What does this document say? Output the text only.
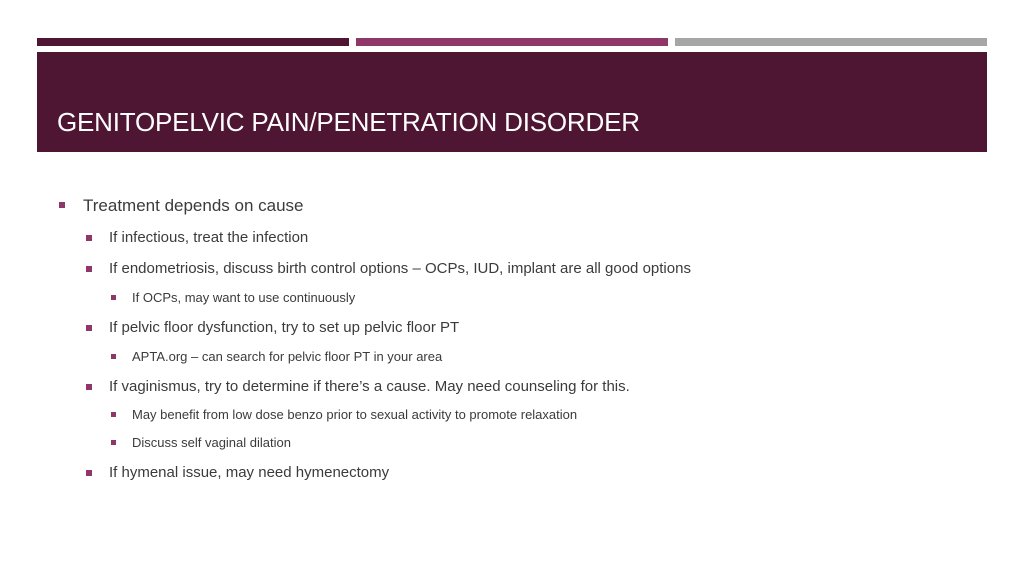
GENITOPELVIC PAIN/PENETRATION DISORDER
Treatment depends on cause
If infectious, treat the infection
If endometriosis, discuss birth control options – OCPs, IUD, implant are all good options
If OCPs, may want to use continuously
If pelvic floor dysfunction, try to set up pelvic floor PT
APTA.org – can search for pelvic floor PT in your area
If vaginismus, try to determine if there’s a cause. May need counseling for this.
May benefit from low dose benzo prior to sexual activity to promote relaxation
Discuss self vaginal dilation
If hymenal issue, may need hymenectomy
